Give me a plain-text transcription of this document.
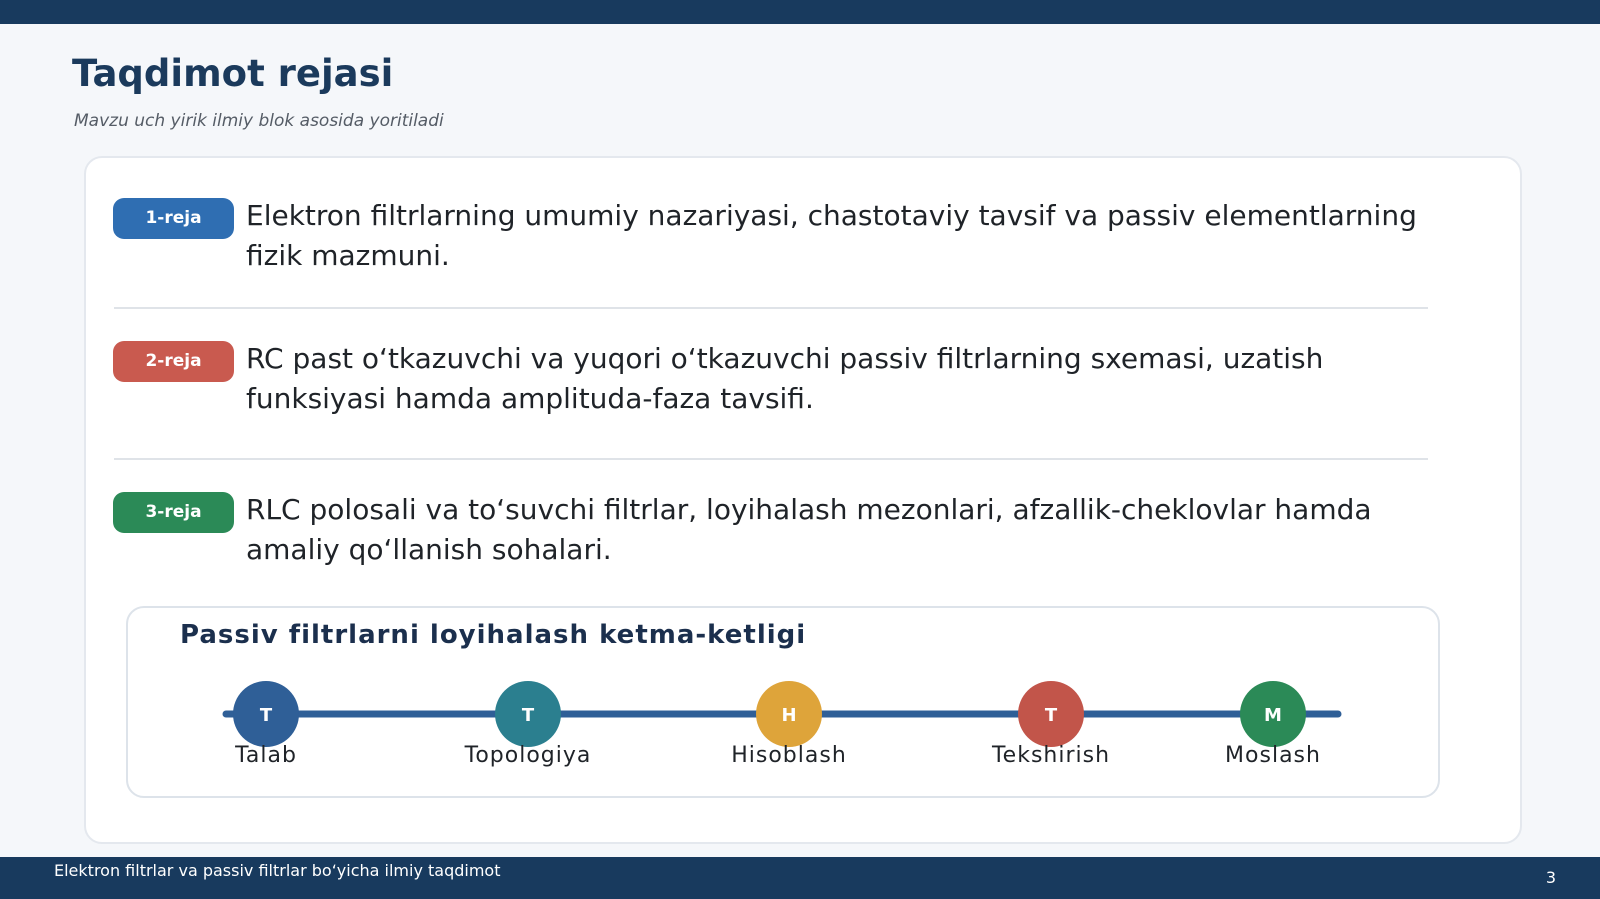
Taqdimot rejasi
Mavzu uch yirik ilmiy blok asosida yoritiladi
1-reja	Elektron filtrlarning umumiy nazariyasi, chastotaviy tavsif va passiv elementlarning fizik mazmuni.
2-reja	RC past o‘tkazuvchi va yuqori o‘tkazuvchi passiv filtrlarning sxemasi, uzatish funksiyasi hamda amplituda-faza tavsifi.
3-reja	RLC polosali va to‘suvchi filtrlar, loyihalash mezonlari, afzallik-cheklovlar hamda amaliy qo‘llanish sohalari.
Passiv filtrlarni loyihalash ketma-ketligi
T	T	H	T	M
Talab	Topologiya	Hisoblash	Tekshirish	Moslash
Elektron filtrlar va passiv filtrlar bo‘yicha ilmiy taqdimot	3
